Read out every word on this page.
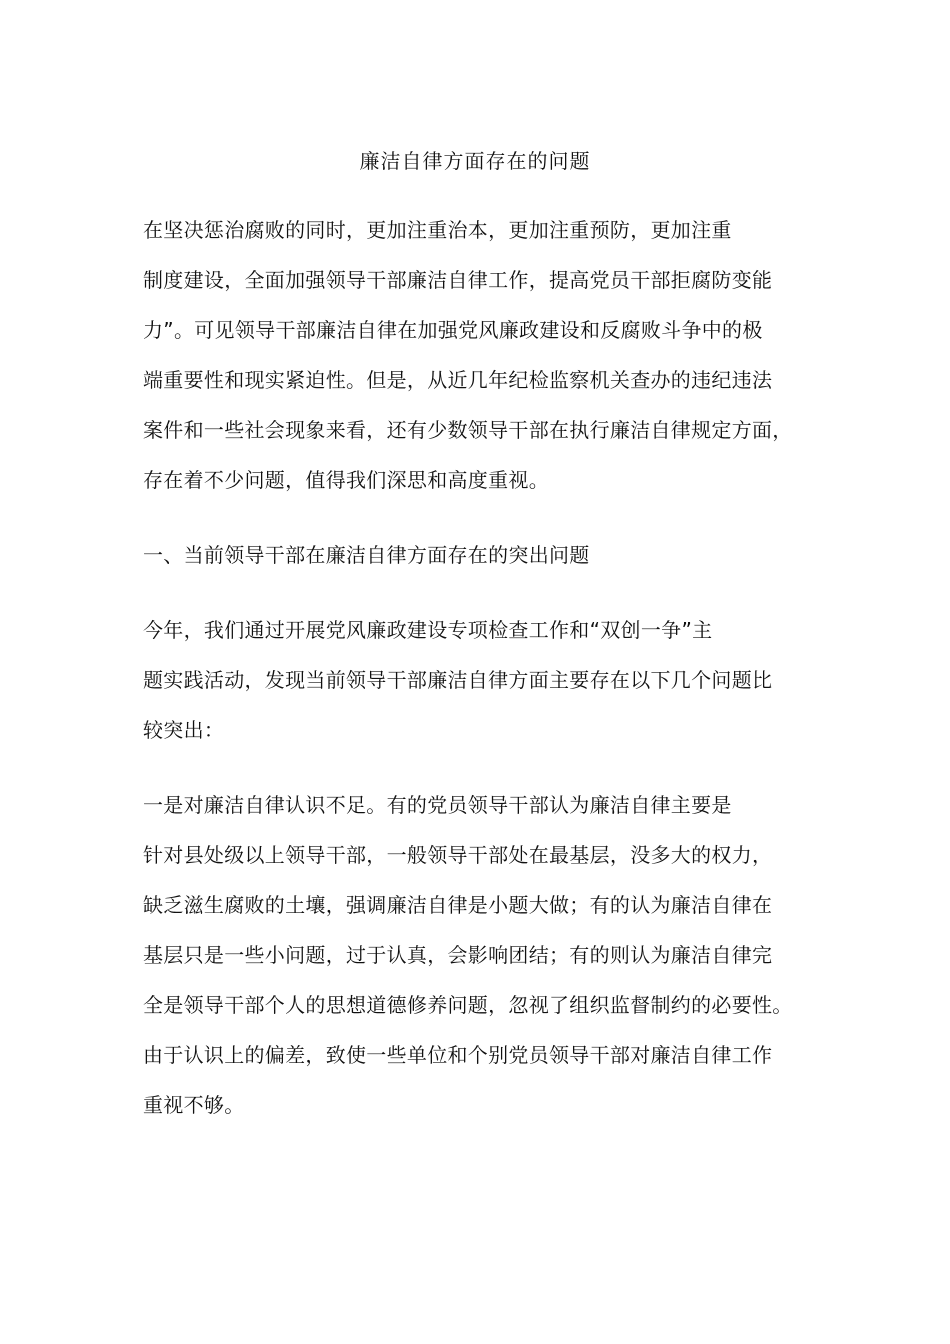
廉洁自律方面存在的问题
在坚决惩治腐败的同时，更加注重治本，更加注重预防，更加注重
制度建设，全面加强领导干部廉洁自律工作，提高党员干部拒腐防变能
力”。可见领导干部廉洁自律在加强党风廉政建设和反腐败斗争中的极
端重要性和现实紧迫性。但是，从近几年纪检监察机关查办的违纪违法
案件和一些社会现象来看，还有少数领导干部在执行廉洁自律规定方面，
存在着不少问题，值得我们深思和高度重视。
一、当前领导干部在廉洁自律方面存在的突出问题
今年，我们通过开展党风廉政建设专项检查工作和“双创一争”主
题实践活动，发现当前领导干部廉洁自律方面主要存在以下几个问题比
较突出：
一是对廉洁自律认识不足。有的党员领导干部认为廉洁自律主要是
针对县处级以上领导干部，一般领导干部处在最基层，没多大的权力，
缺乏滋生腐败的土壤，强调廉洁自律是小题大做；有的认为廉洁自律在
基层只是一些小问题，过于认真，会影响团结；有的则认为廉洁自律完
全是领导干部个人的思想道德修养问题，忽视了组织监督制约的必要性。
由于认识上的偏差，致使一些单位和个别党员领导干部对廉洁自律工作
重视不够。
